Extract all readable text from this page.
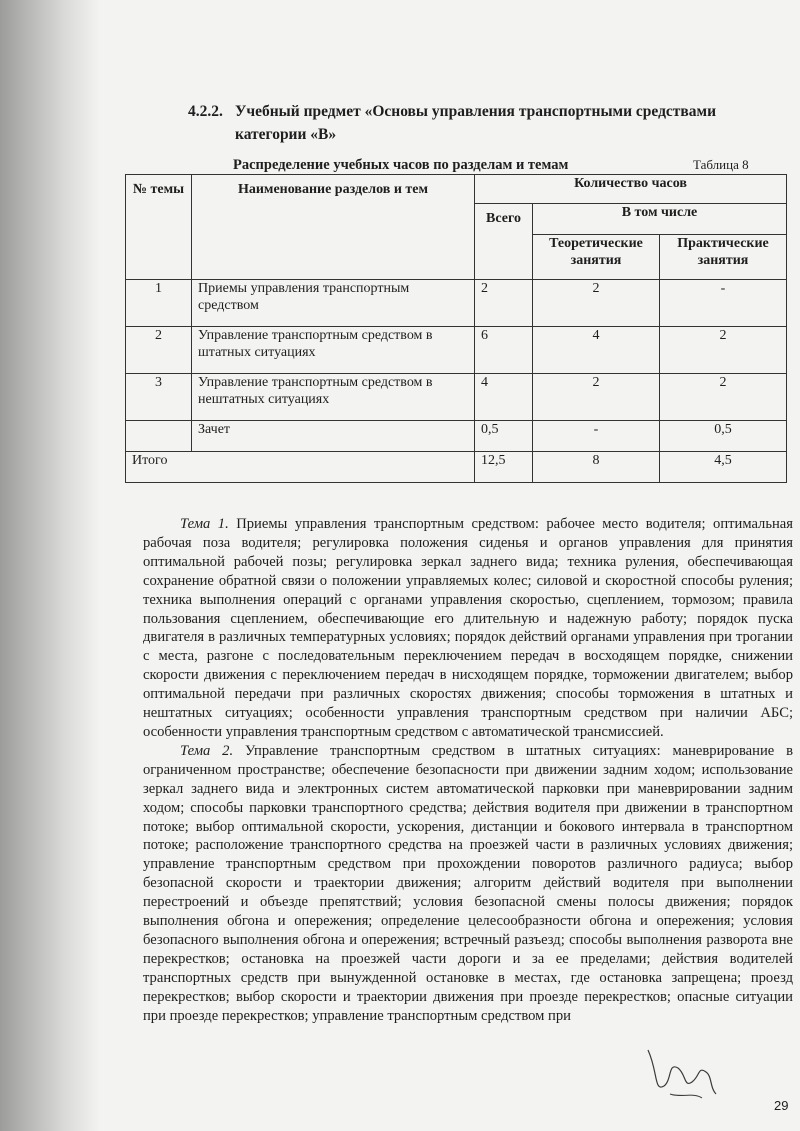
4.2.2. Учебный предмет «Основы управления транспортными средствами категории «В»
Распределение учебных часов по разделам и темам	Таблица 8
№ темы	Наименование разделов и тем	Количество часов		
		Всего	В том числе	
			Теоретические занятия	Практические занятия
1	Приемы управления транспортным средством	2	2	-
2	Управление транспортным средством в штатных ситуациях	6	4	2
3	Управление транспортным средством в нештатных ситуациях	4	2	2
	Зачет	0,5	-	0,5
Итого		12,5	8	4,5

Тема 1. Приемы управления транспортным средством: рабочее место водителя; оптимальная рабочая поза водителя; регулировка положения сиденья и органов управления для принятия оптимальной рабочей позы; регулировка зеркал заднего вида; техника руления, обеспечивающая сохранение обратной связи о положении управляемых колес; силовой и скоростной способы руления; техника выполнения операций с органами управления скоростью, сцеплением, тормозом; правила пользования сцеплением, обеспечивающие его длительную и надежную работу; порядок пуска двигателя в различных температурных условиях; порядок действий органами управления при трогании с места, разгоне с последовательным переключением передач в восходящем порядке, снижении скорости движения с переключением передач в нисходящем порядке, торможении двигателем; выбор оптимальной передачи при различных скоростях движения; способы торможения в штатных и нештатных ситуациях; особенности управления транспортным средством при наличии АБС; особенности управления транспортным средством с автоматической трансмиссией.

Тема 2. Управление транспортным средством в штатных ситуациях: маневрирование в ограниченном пространстве; обеспечение безопасности при движении задним ходом; использование зеркал заднего вида и электронных систем автоматической парковки при маневрировании задним ходом; способы парковки транспортного средства; действия водителя при движении в транспортном потоке; выбор оптимальной скорости, ускорения, дистанции и бокового интервала в транспортном потоке; расположение транспортного средства на проезжей части в различных условиях движения; управление транспортным средством при прохождении поворотов различного радиуса; выбор безопасной скорости и траектории движения; алгоритм действий водителя при выполнении перестроений и объезде препятствий; условия безопасной смены полосы движения; порядок выполнения обгона и опережения; определение целесообразности обгона и опережения; условия безопасного выполнения обгона и опережения; встречный разъезд; способы выполнения разворота вне перекрестков; остановка на проезжей части дороги и за ее пределами; действия водителей транспортных средств при вынужденной остановке в местах, где остановка запрещена; проезд перекрестков; выбор скорости и траектории движения при проезде перекрестков; опасные ситуации при проезде перекрестков; управление транспортным средством при

29
